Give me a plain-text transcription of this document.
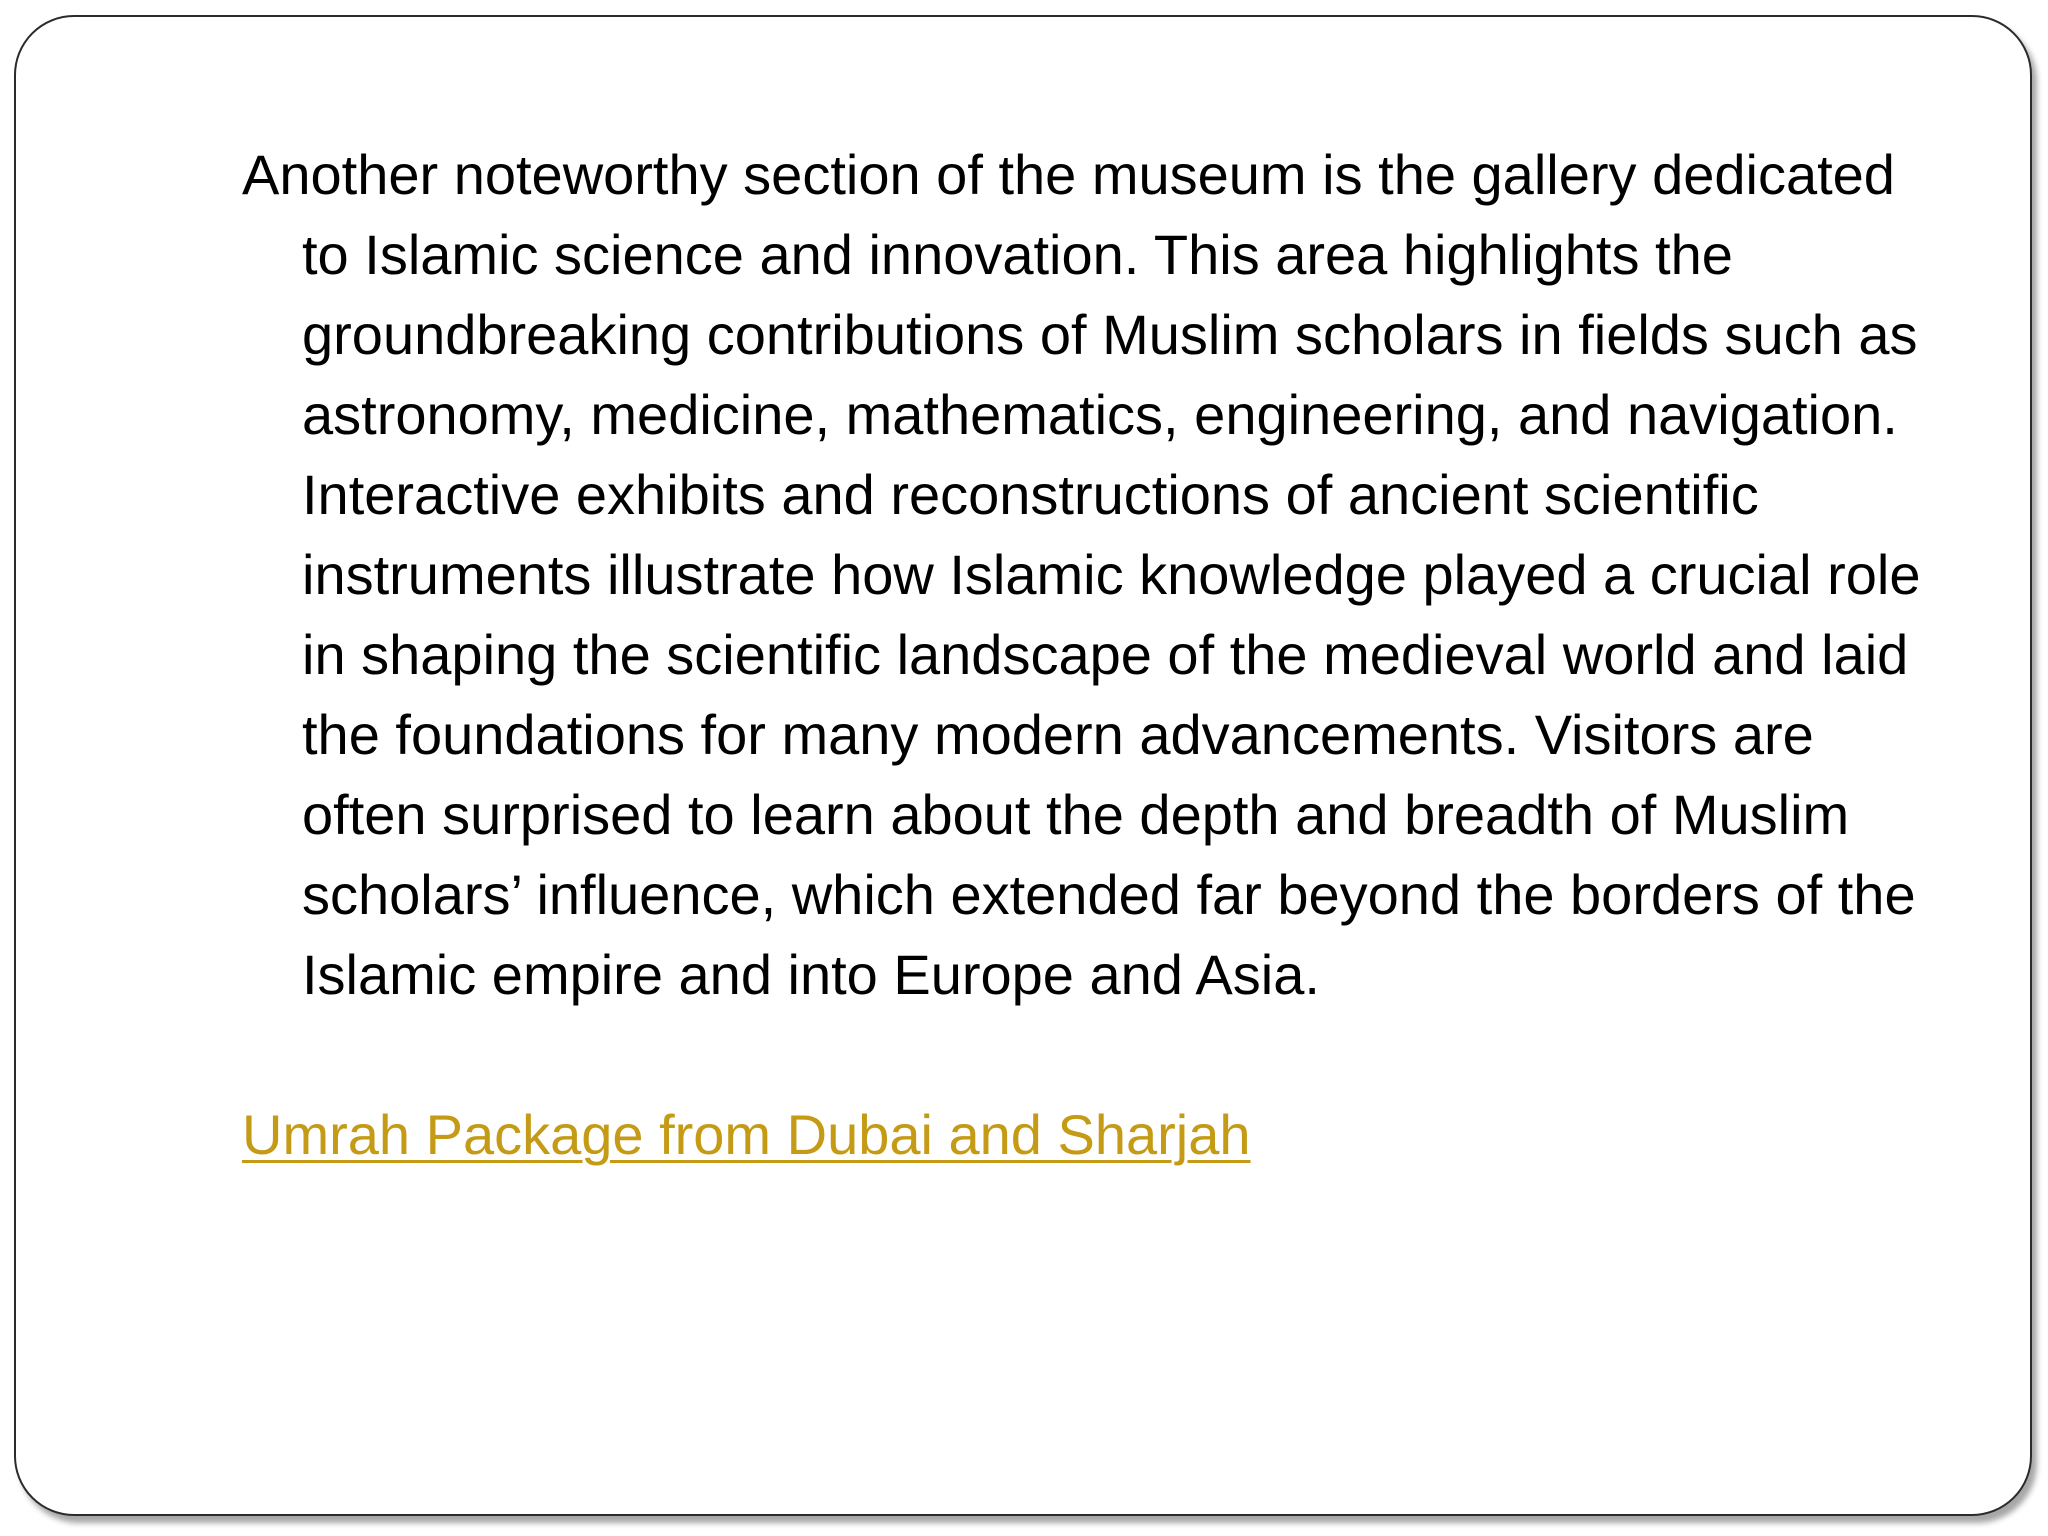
Another noteworthy section of the museum is the gallery dedicated to Islamic science and innovation. This area highlights the groundbreaking contributions of Muslim scholars in fields such as astronomy, medicine, mathematics, engineering, and navigation. Interactive exhibits and reconstructions of ancient scientific instruments illustrate how Islamic knowledge played a crucial role in shaping the scientific landscape of the medieval world and laid the foundations for many modern advancements. Visitors are often surprised to learn about the depth and breadth of Muslim scholars’ influence, which extended far beyond the borders of the Islamic empire and into Europe and Asia.

Umrah Package from Dubai and Sharjah
